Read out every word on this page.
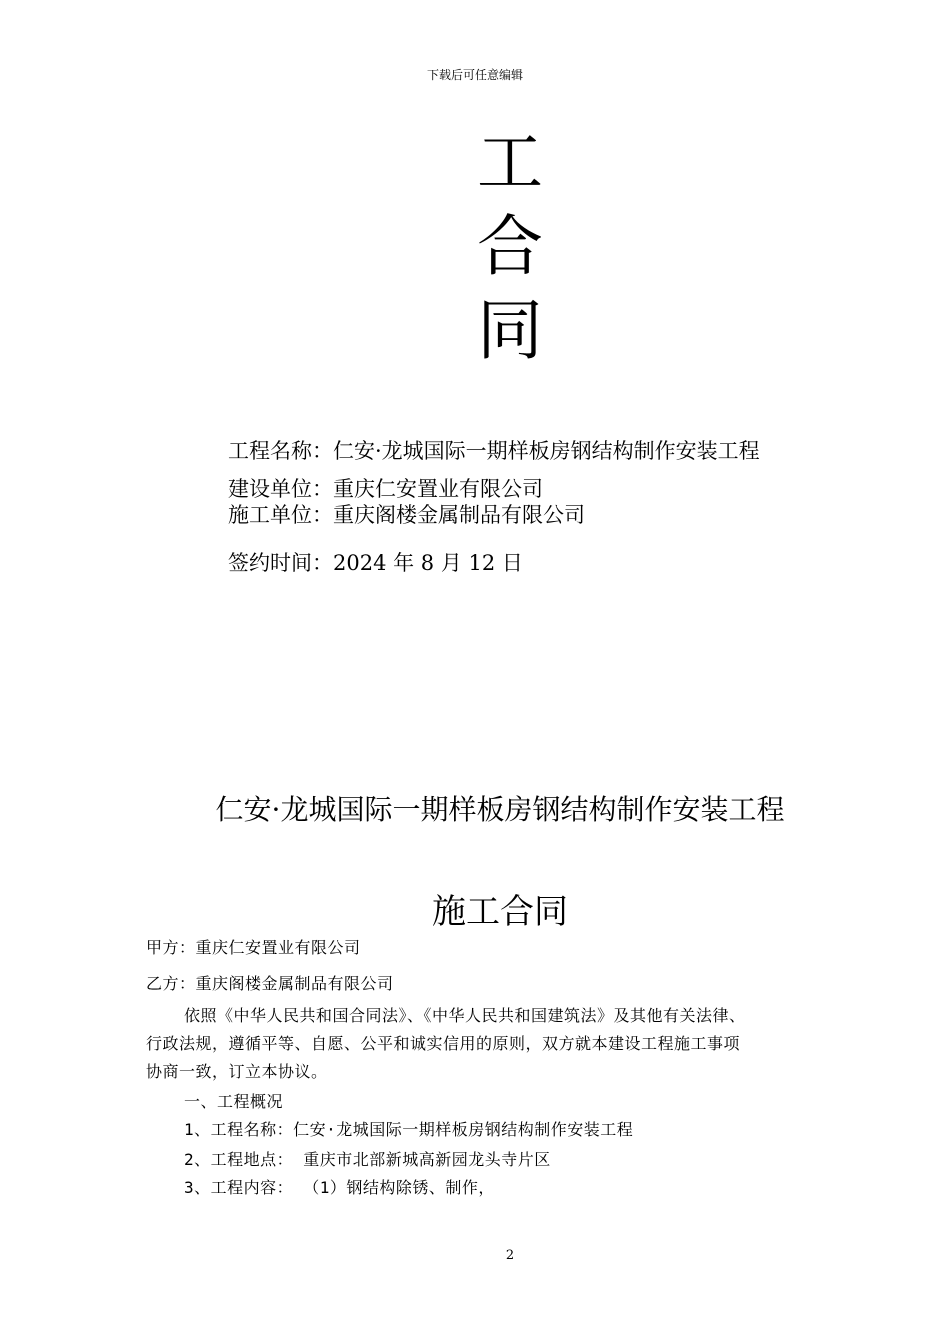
下载后可任意编辑
工
合
同
工程名称：仁安·龙城国际一期样板房钢结构制作安装工程
建设单位：重庆仁安置业有限公司
施工单位：重庆阁楼金属制品有限公司
签约时间：2024 年 8 月 12 日
仁安·龙城国际一期样板房钢结构制作安装工程
施工合同
甲方：重庆仁安置业有限公司
乙方：重庆阁楼金属制品有限公司
依照《中华人民共和国合同法》、《中华人民共和国建筑法》及其他有关法律、
行政法规，遵循平等、自愿、公平和诚实信用的原则，双方就本建设工程施工事项
协商一致，订立本协议。
一、工程概况
1、工程名称：仁安·龙城国际一期样板房钢结构制作安装工程
2、工程地点： 重庆市北部新城高新园龙头寺片区
3、工程内容： （1）钢结构除锈、制作，
2
